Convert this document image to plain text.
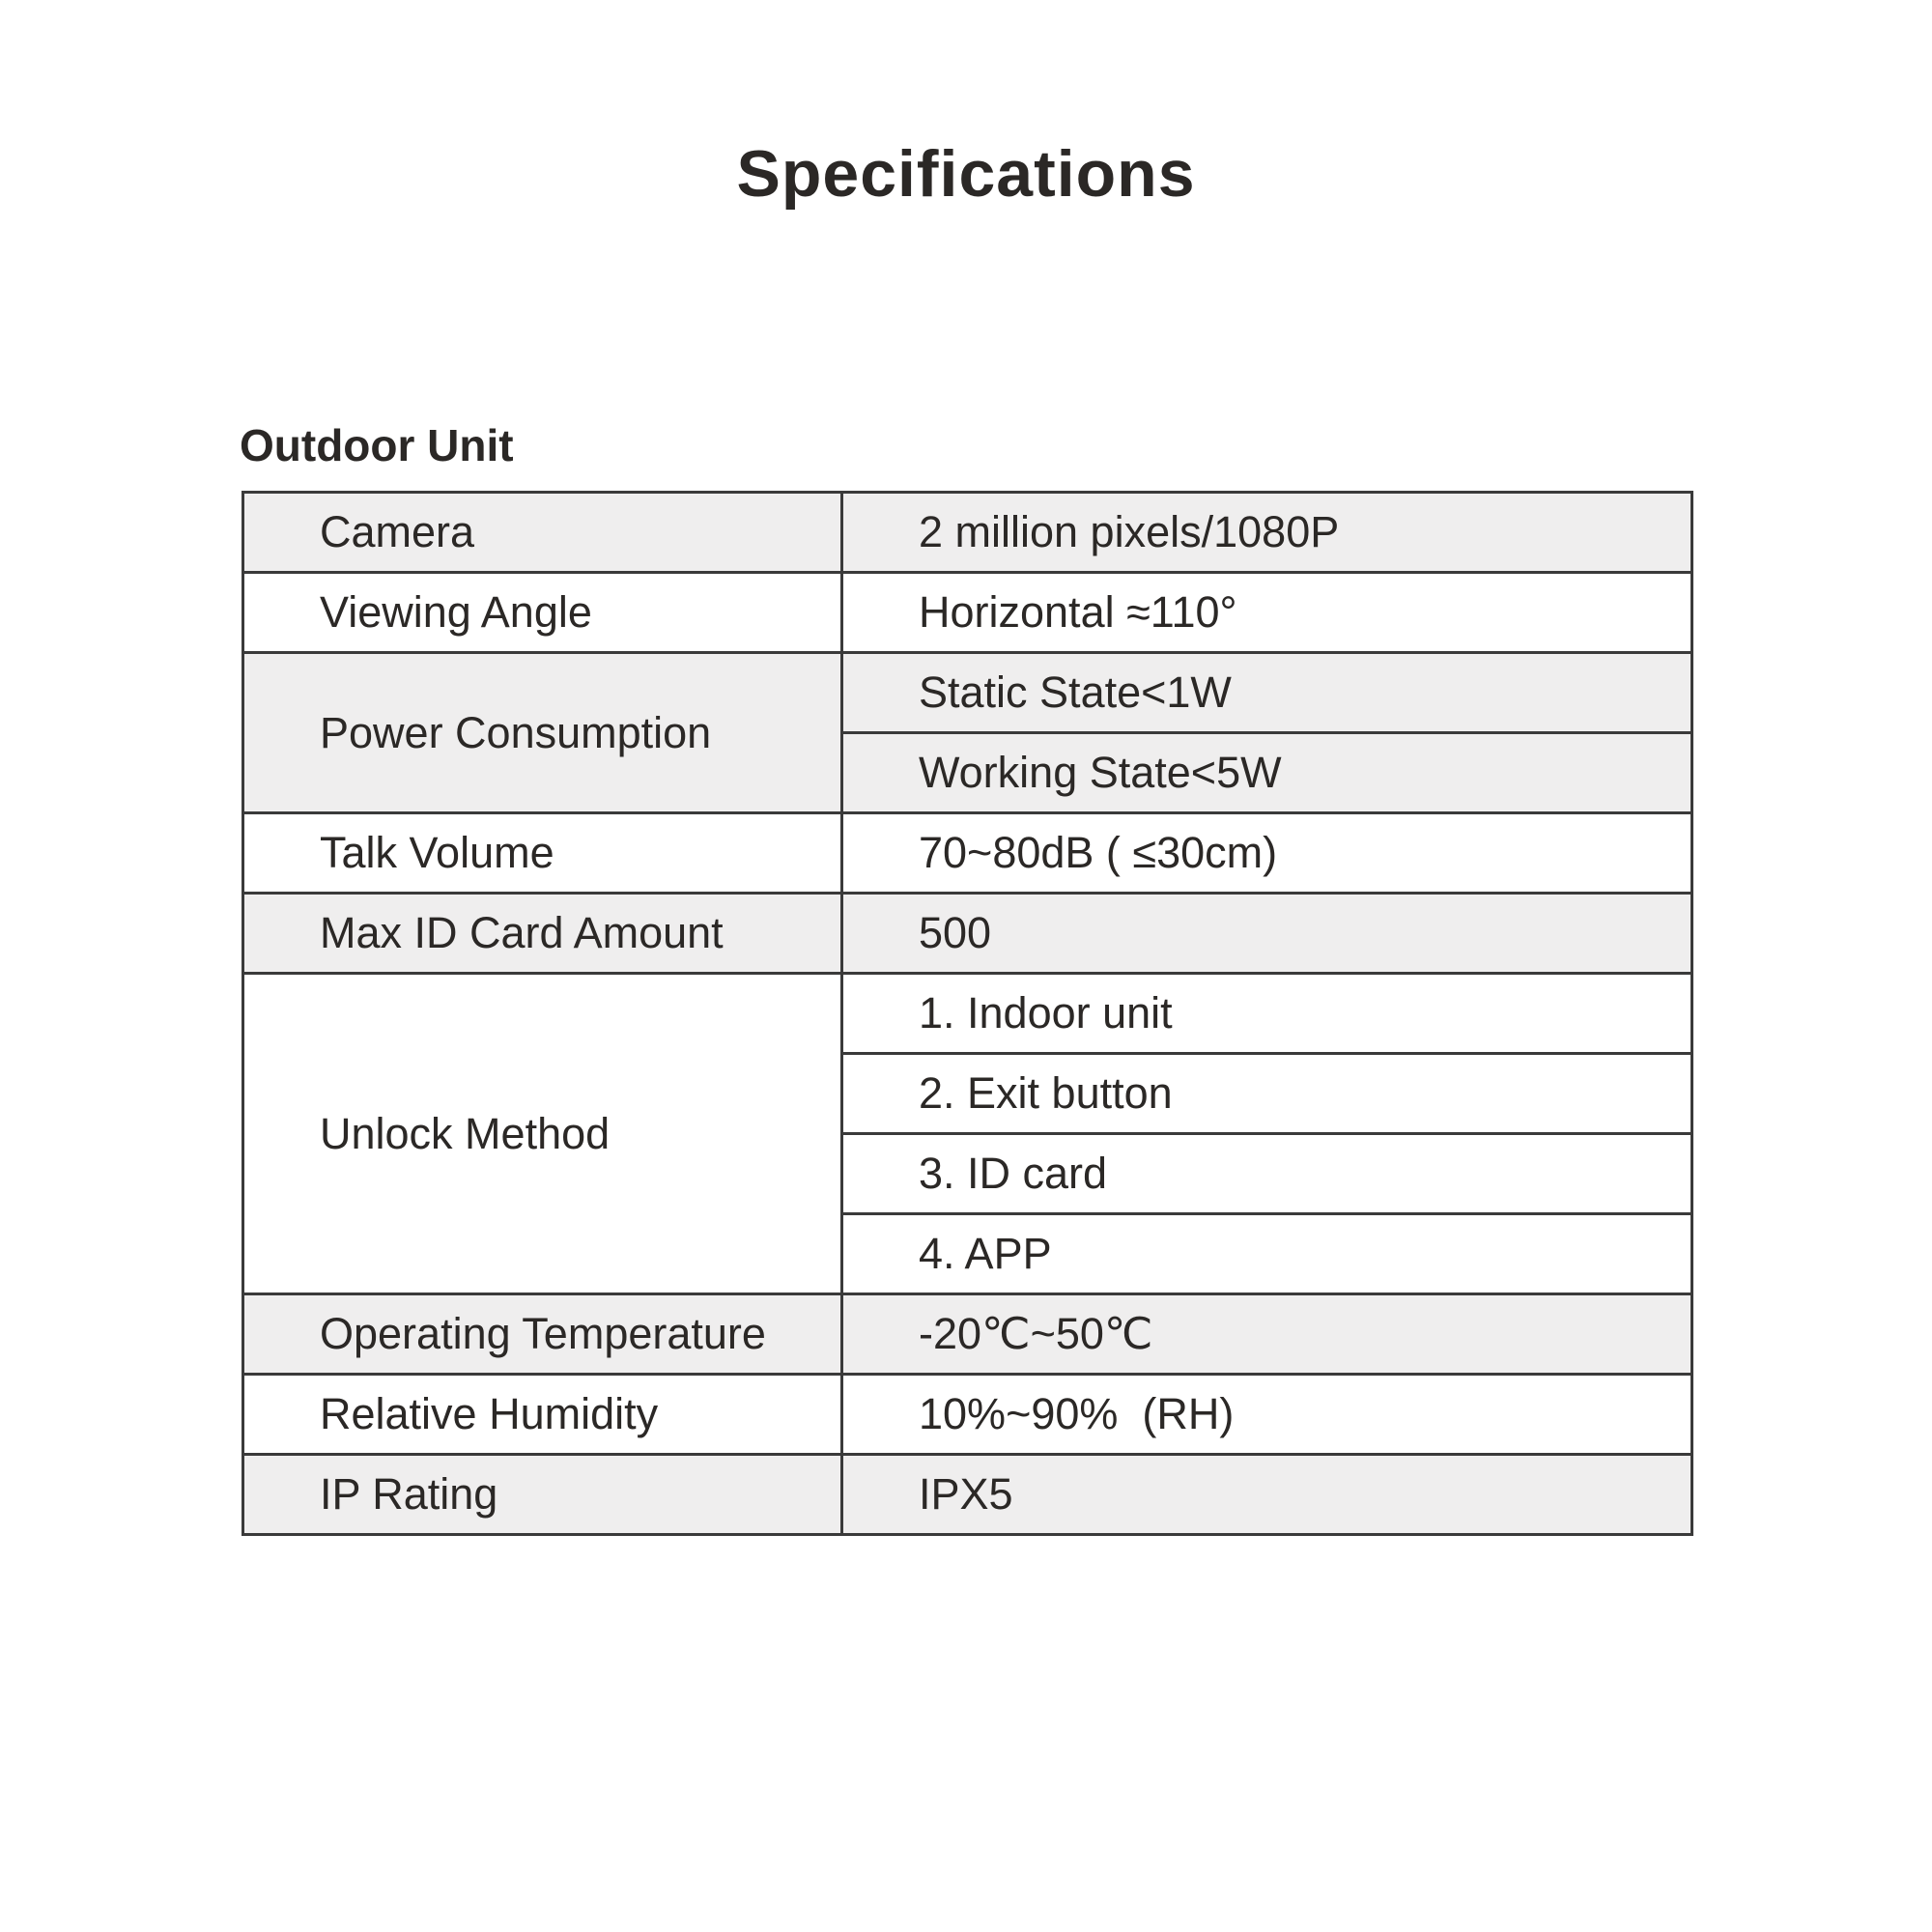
Specifications
Outdoor Unit
Camera	2 million pixels/1080P
Viewing Angle	Horizontal ≈110°
Power Consumption	Static State<1W
	Working State<5W
Talk Volume	70~80dB ( ≤30cm)
Max ID Card Amount	500
Unlock Method	1. Indoor unit
	2. Exit button
	3. ID card
	4. APP
Operating Temperature	-20℃~50℃
Relative Humidity	10%~90%  (RH)
IP Rating	IPX5
